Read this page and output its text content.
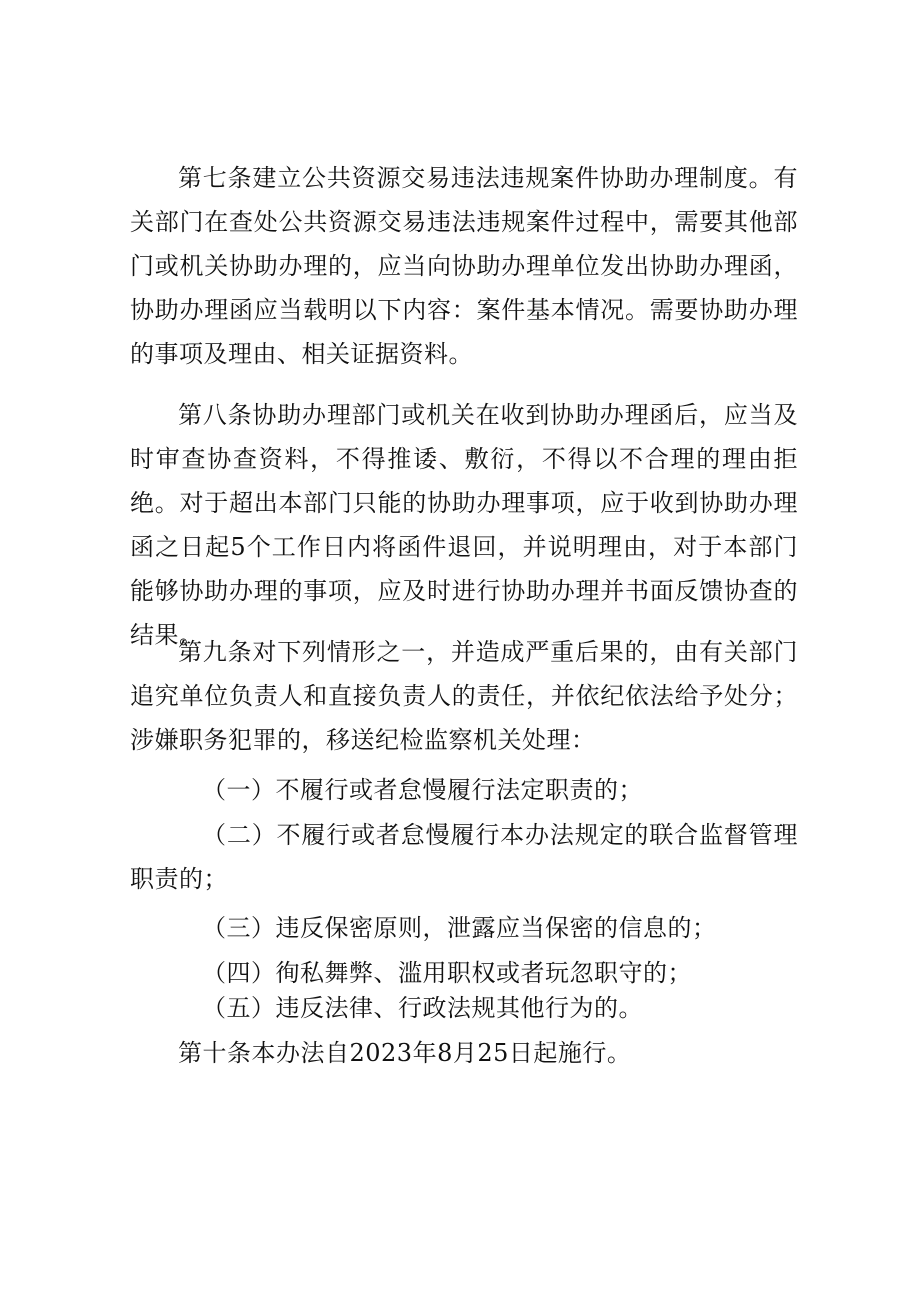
第七条建立公共资源交易违法违规案件协助办理制度。有关部门在查处公共资源交易违法违规案件过程中，需要其他部门或机关协助办理的，应当向协助办理单位发出协助办理函，协助办理函应当载明以下内容：案件基本情况。需要协助办理的事项及理由、相关证据资料。

第八条协助办理部门或机关在收到协助办理函后，应当及时审查协查资料，不得推诿、敷衍，不得以不合理的理由拒绝。对于超出本部门只能的协助办理事项，应于收到协助办理函之日起5个工作日内将函件退回，并说明理由，对于本部门能够协助办理的事项，应及时进行协助办理并书面反馈协查的结果。

第九条对下列情形之一，并造成严重后果的，由有关部门追究单位负责人和直接负责人的责任，并依纪依法给予处分；涉嫌职务犯罪的，移送纪检监察机关处理：

（一）不履行或者怠慢履行法定职责的；

（二）不履行或者怠慢履行本办法规定的联合监督管理职责的；

（三）违反保密原则，泄露应当保密的信息的；

（四）徇私舞弊、滥用职权或者玩忽职守的；

（五）违反法律、行政法规其他行为的。

第十条本办法自2023年8月25日起施行。
